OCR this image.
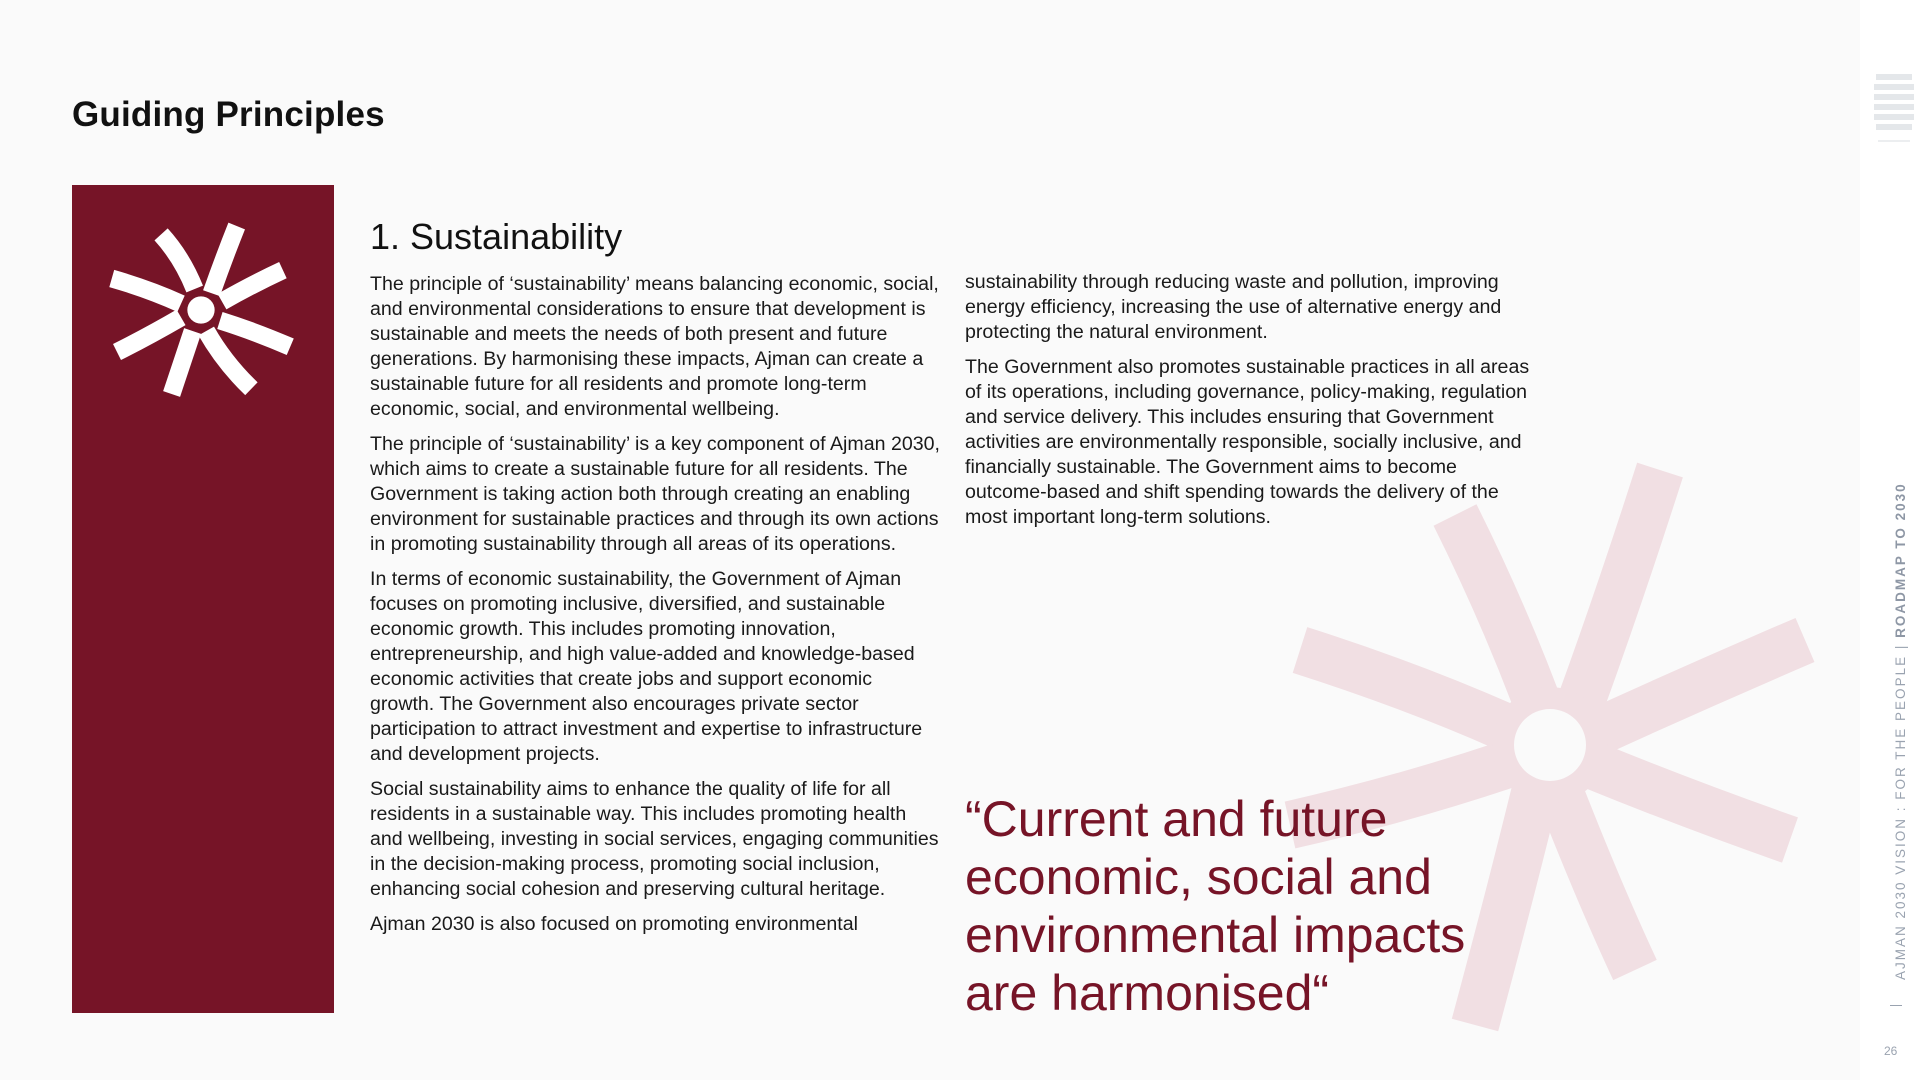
Guiding Principles
1. Sustainability

The principle of ‘sustainability’ means balancing economic, social, and environmental considerations to ensure that development is sustainable and meets the needs of both present and future generations. By harmonising these impacts, Ajman can create a sustainable future for all residents and promote long-term economic, social, and environmental wellbeing.

The principle of ‘sustainability’ is a key component of Ajman 2030, which aims to create a sustainable future for all residents. The Government is taking action both through creating an enabling environment for sustainable practices and through its own actions in promoting sustainability through all areas of its operations.

In terms of economic sustainability, the Government of Ajman focuses on promoting inclusive, diversified, and sustainable economic growth. This includes promoting innovation, entrepreneurship, and high value-added and knowledge-based economic activities that create jobs and support economic growth. The Government also encourages private sector participation to attract investment and expertise to infrastructure and development projects.

Social sustainability aims to enhance the quality of life for all residents in a sustainable way. This includes promoting health and wellbeing, investing in social services, engaging communities in the decision-making process, promoting social inclusion, enhancing social cohesion and preserving cultural heritage.

Ajman 2030 is also focused on promoting environmental

sustainability through reducing waste and pollution, improving energy efficiency, increasing the use of alternative energy and protecting the natural environment.

The Government also promotes sustainable practices in all areas of its operations, including governance, policy-making, regulation and service delivery. This includes ensuring that Government activities are environmentally responsible, socially inclusive, and financially sustainable. The Government aims to become outcome-based and shift spending towards the delivery of the most important long-term solutions.

“Current and future economic, social and environmental impacts are harmonised“
AJMAN 2030 VISION : FOR THE PEOPLE | ROADMAP TO 2030
26
